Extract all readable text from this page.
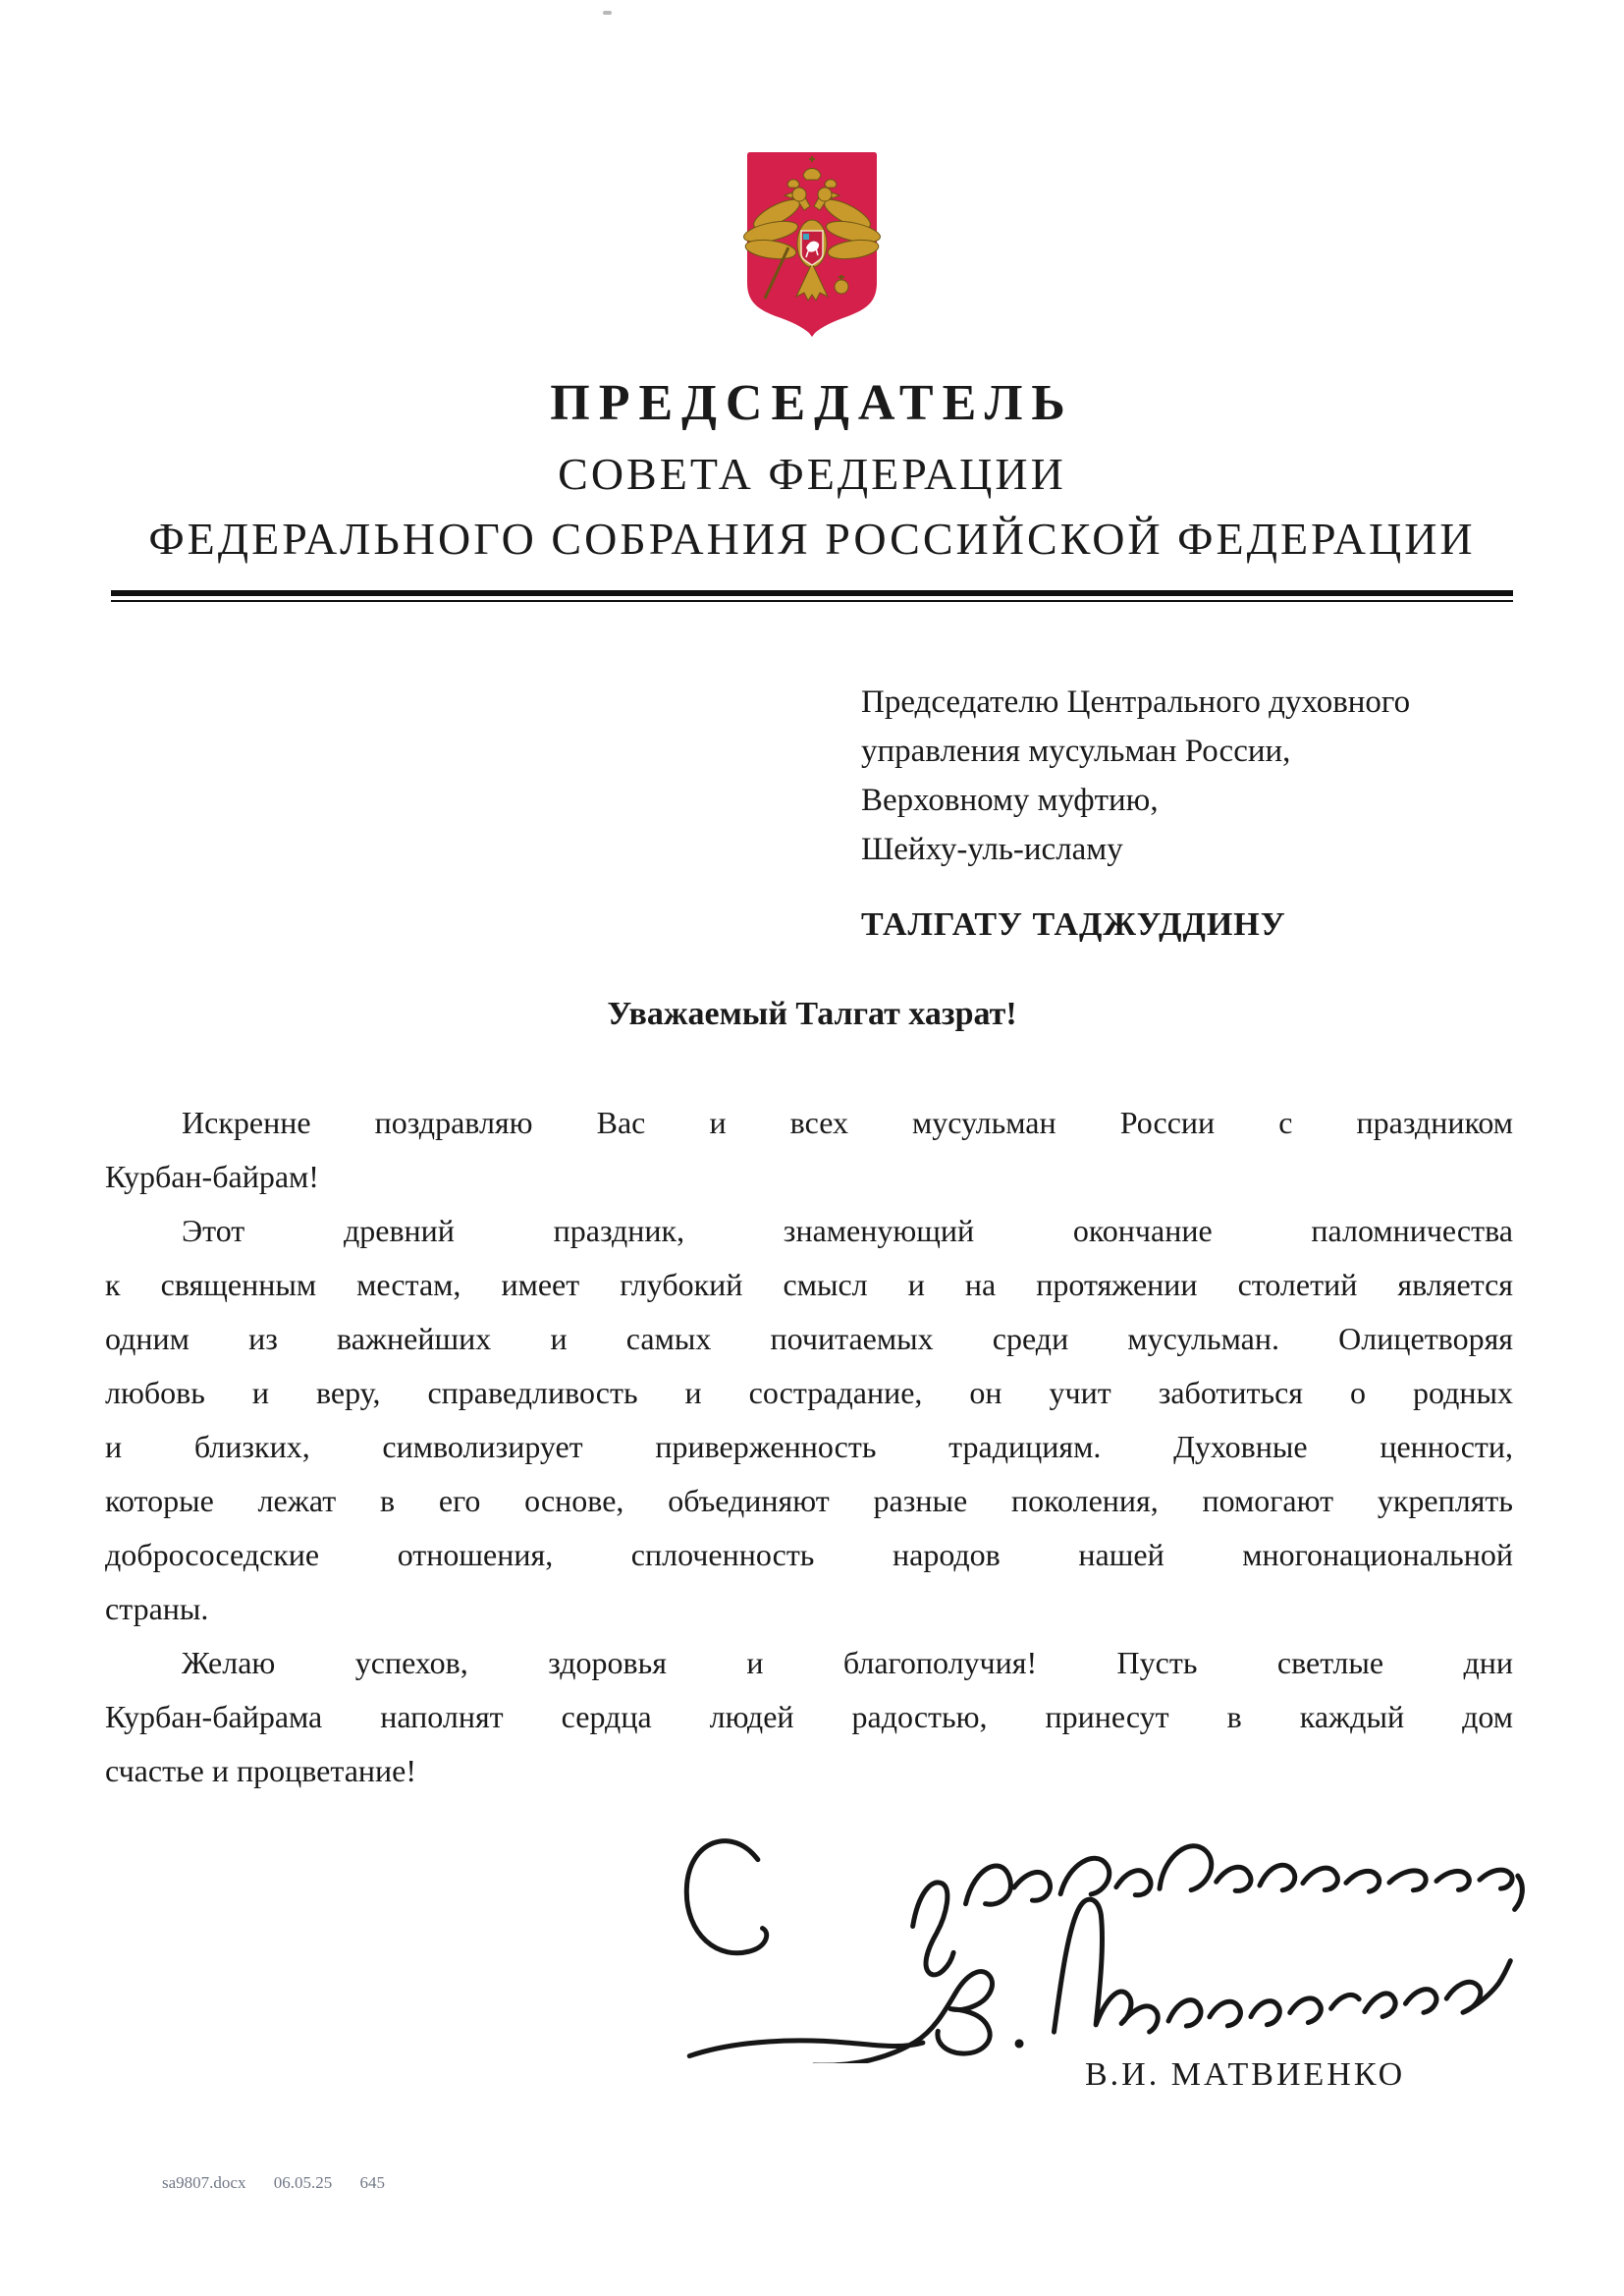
ПРЕДСЕДАТЕЛЬ
СОВЕТА ФЕДЕРАЦИИ
ФЕДЕРАЛЬНОГО СОБРАНИЯ РОССИЙСКОЙ ФЕДЕРАЦИИ
Председателю Центрального духовного
управления мусульман России,
Верховному муфтию,
Шейху-уль-исламу
ТАЛГАТУ ТАДЖУДДИНУ
Уважаемый Талгат хазрат!
Искренне поздравляю Вас и всех мусульман России с праздником
Курбан-байрам!
Этот древний праздник, знаменующий окончание паломничества
к священным местам, имеет глубокий смысл и на протяжении столетий является
одним из важнейших и самых почитаемых среди мусульман. Олицетворяя
любовь и веру, справедливость и сострадание, он учит заботиться о родных
и близких, символизирует приверженность традициям. Духовные ценности,
которые лежат в его основе, объединяют разные поколения, помогают укреплять
добрососедские отношения, сплоченность народов нашей многонациональной
страны.
Желаю успехов, здоровья и благополучия! Пусть светлые дни
Курбан-байрама наполнят сердца людей радостью, принесут в каждый дом
счастье и процветание!
В.И. МАТВИЕНКО
sa9807.docx 06.05.25 645
